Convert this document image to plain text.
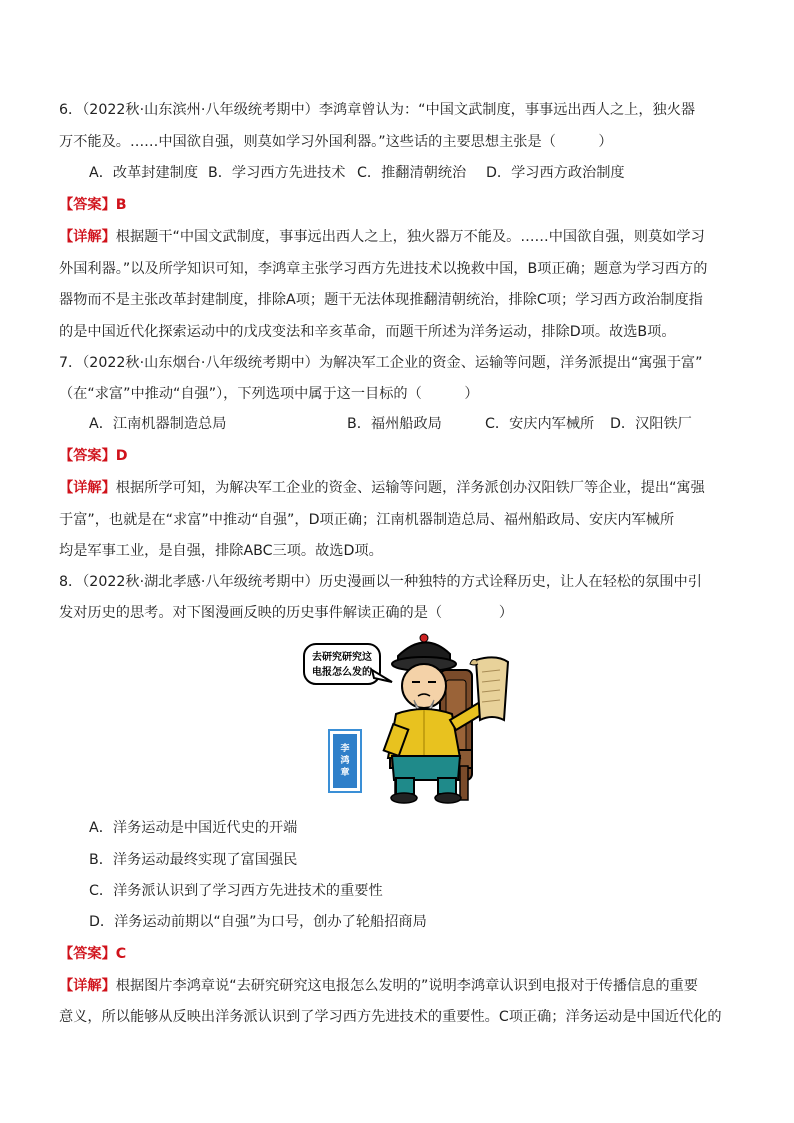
6．（2022秋·山东滨州·八年级统考期中）李鸿章曾认为：“中国文武制度，事事远出西人之上，独火器
万不能及。……中国欲自强，则莫如学习外国利器。”这些话的主要思想主张是（　　　）
A．改革封建制度 B．学习西方先进技术 C．推翻清朝统治 D．学习西方政治制度
【答案】B
【详解】根据题干“中国文武制度，事事远出西人之上，独火器万不能及。……中国欲自强，则莫如学习
外国利器。”以及所学知识可知，李鸿章主张学习西方先进技术以挽救中国，B项正确；题意为学习西方的
器物而不是主张改革封建制度，排除A项；题干无法体现推翻清朝统治，排除C项；学习西方政治制度指
的是中国近代化探索运动中的戊戌变法和辛亥革命，而题干所述为洋务运动，排除D项。故选B项。
7．（2022秋·山东烟台·八年级统考期中）为解决军工企业的资金、运输等问题，洋务派提出“寓强于富”
（在“求富”中推动“自强”），下列选项中属于这一目标的（　　　）
A．江南机器制造总局	B．福州船政局	C．安庆内军械所 D．汉阳铁厂
【答案】D
【详解】根据所学可知，为解决军工企业的资金、运输等问题，洋务派创办汉阳铁厂等企业，提出“寓强
于富”，也就是在“求富”中推动“自强”，D项正确；江南机器制造总局、福州船政局、安庆内军械所
均是军事工业，是自强，排除ABC三项。故选D项。
8．（2022秋·湖北孝感·八年级统考期中）历史漫画以一种独特的方式诠释历史，让人在轻松的氛围中引
发对历史的思考。对下图漫画反映的历史事件解读正确的是（　　　　）
去研究研究这
电报怎么发的
李
鸿
章
A．洋务运动是中国近代史的开端
B．洋务运动最终实现了富国强民
C．洋务派认识到了学习西方先进技术的重要性
D．洋务运动前期以“自强”为口号，创办了轮船招商局
【答案】C
【详解】根据图片李鸿章说“去研究研究这电报怎么发明的”说明李鸿章认识到电报对于传播信息的重要
意义，所以能够从反映出洋务派认识到了学习西方先进技术的重要性。C项正确；洋务运动是中国近代化的
